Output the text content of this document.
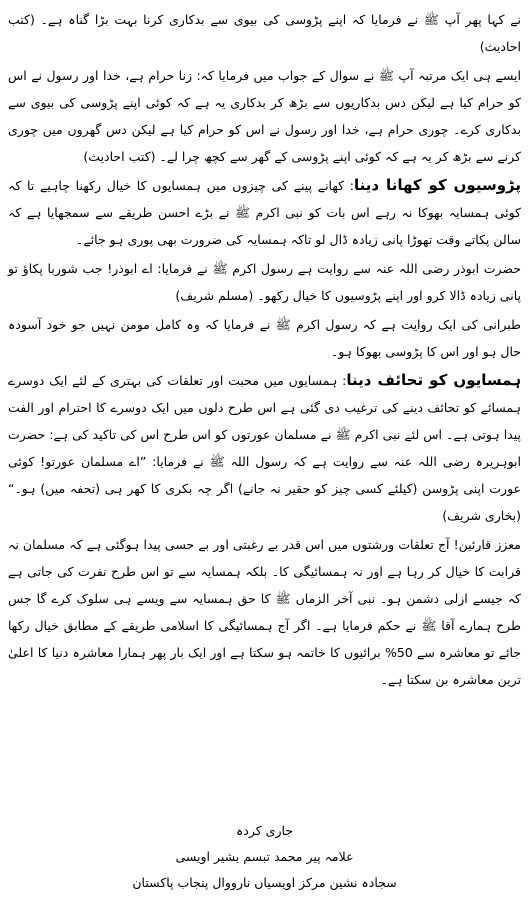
نے کہا پھر آپ ﷺ نے فرمایا کہ اپنے پڑوسی کی بیوی سے بدکاری کرنا بہت بڑا گناہ ہے۔ (کتب احادیث)

ایسے ہی ایک مرتبہ آپ ﷺ نے سوال کے جواب میں فرمایا کہ: زنا حرام ہے، خدا اور رسول نے اس کو حرام کیا ہے لیکن دس بدکاریوں سے بڑھ کر بدکاری یہ ہے کہ کوئی اپنے پڑوسی کی بیوی سے بدکاری کرے۔ چوری حرام ہے، خدا اور رسول نے اس کو حرام کیا ہے لیکن دس گھروں میں چوری کرنے سے بڑھ کر یہ ہے کہ کوئی اپنے پڑوسی کے گھر سے کچھ چرا لے۔ (کتب احادیث)

پڑوسیوں کو کھانا دینا: کھانے پینے کی چیزوں میں ہمسایوں کا خیال رکھنا چاہیے تا کہ کوئی ہمسایہ بھوکا نہ رہے اس بات کو نبی اکرم ﷺ نے بڑے احسن طریقے سے سمجھایا ہے کہ سالن پکاتے وقت تھوڑا پانی زیادہ ڈال لو تاکہ ہمسایہ کی ضرورت بھی پوری ہو جائے۔

حضرت ابوذر رضی اللہ عنہ سے روایت ہے رسول اکرم ﷺ نے فرمایا: اے ابوذر! جب شوربا پکاؤ تو پانی زیادہ ڈالا کرو اور اپنے پڑوسیوں کا خیال رکھو۔ (مسلم شریف)

طبرانی کی ایک روایت ہے کہ رسول اکرم ﷺ نے فرمایا کہ وہ کامل مومن نہیں جو خود آسودہ حال ہو اور اس کا پڑوسی بھوکا ہو۔

ہمسایوں کو تحائف دینا: ہمسایوں میں محبت اور تعلقات کی بہتری کے لئے ایک دوسرے ہمسائے کو تحائف دینے کی ترغیب دی گئی ہے اس طرح دلوں میں ایک دوسرے کا احترام اور الفت پیدا ہوتی ہے۔ اس لئے نبی اکرم ﷺ نے مسلمان عورتوں کو اس طرح اس کی تاکید کی ہے: حضرت ابوہریرہ رضی اللہ عنہ سے روایت ہے کہ رسول اللہ ﷺ نے فرمایا: ”اے مسلمان عورتو! کوئی عورت اپنی پڑوسن (کیلئے کسی چیز کو حقیر نہ جانے) اگر چہ بکری کا کھر ہی (تحفہ میں) ہو۔“ (بخاری شریف)

معزز قارئین! آج تعلقات ورشتوں میں اس قدر بے رغبتی اور بے حسی پیدا ہوگئی ہے کہ مسلمان نہ قرابت کا خیال کر رہا ہے اور نہ ہمسائیگی کا۔ بلکہ ہمسایہ سے تو اس طرح نفرت کی جاتی ہے کہ جیسے ازلی دشمن ہو۔ نبی آخر الزماں ﷺ کا حق ہمسایہ سے ویسے ہی سلوک کرے گا جس طرح ہمارے آقا ﷺ نے حکم فرمایا ہے۔ اگر آج ہمسائیگی کا اسلامی طریقے کے مطابق خیال رکھا جائے تو معاشرہ سے 50% برائیوں کا خاتمہ ہو سکتا ہے اور ایک بار پھر ہمارا معاشرہ دنیا کا اعلیٰ ترین معاشرہ بن سکتا ہے۔

جاری کردہ
علامہ پیر محمد تبسم بشیر اویسی
سجادہ نشین مرکز اویسیاں نارووال پنجاب پاکستان
